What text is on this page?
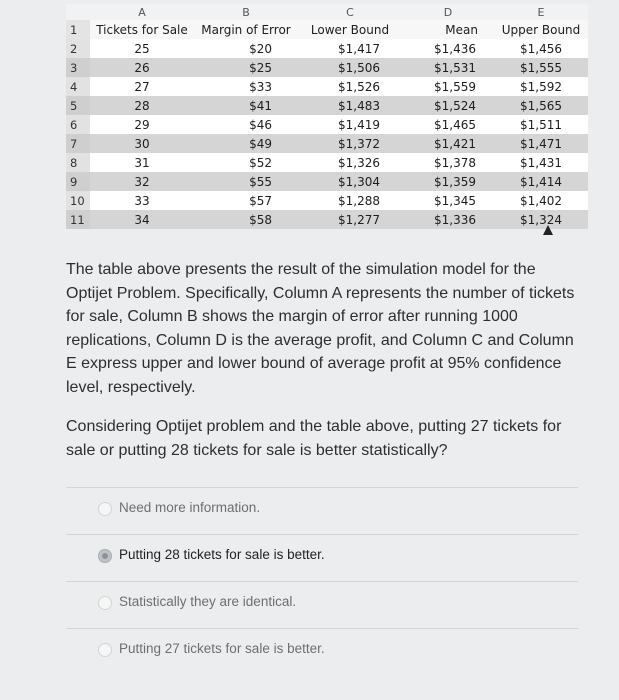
	A	B	C	D	E
1	Tickets for Sale	Margin of Error	Lower Bound	Mean	Upper Bound
2	25	$20	$1,417	$1,436	$1,456
3	26	$25	$1,506	$1,531	$1,555
4	27	$33	$1,526	$1,559	$1,592
5	28	$41	$1,483	$1,524	$1,565
6	29	$46	$1,419	$1,465	$1,511
7	30	$49	$1,372	$1,421	$1,471
8	31	$52	$1,326	$1,378	$1,431
9	32	$55	$1,304	$1,359	$1,414
10	33	$57	$1,288	$1,345	$1,402
11	34	$58	$1,277	$1,336	$1,324

The table above presents the result of the simulation model for the Optijet Problem. Specifically, Column A represents the number of tickets for sale, Column B shows the margin of error after running 1000 replications, Column D is the average profit, and Column C and Column E express upper and lower bound of average profit at 95% confidence level, respectively.

Considering Optijet problem and the table above, putting 27 tickets for sale or putting 28 tickets for sale is better statistically?

Need more information.
Putting 28 tickets for sale is better.
Statistically they are identical.
Putting 27 tickets for sale is better.
